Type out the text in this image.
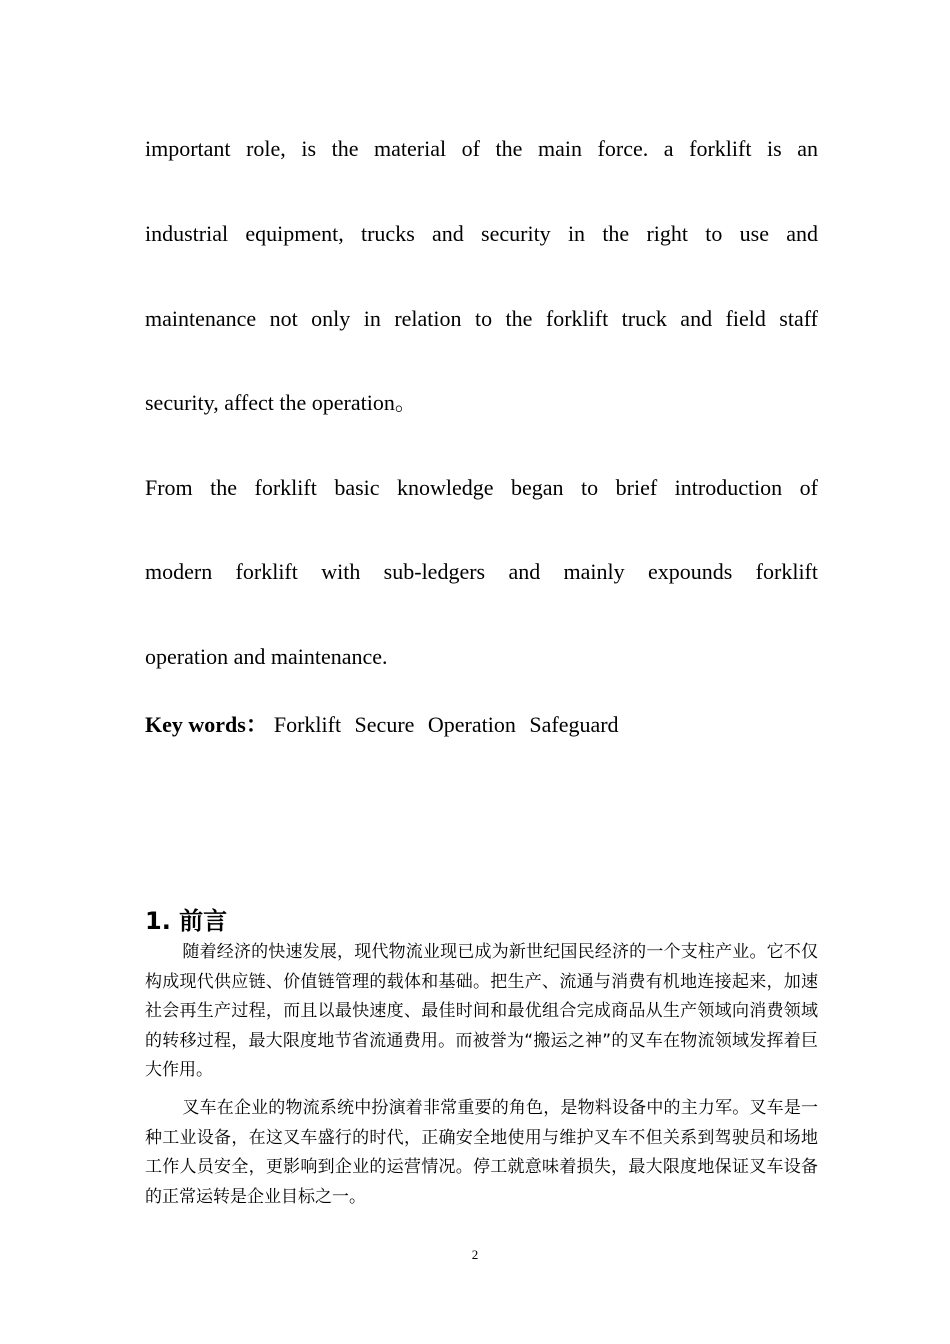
important role, is the material of the main force. a forklift is an
industrial equipment, trucks and security in the right to use and
maintenance not only in relation to the forklift truck and field staff
security, affect the operation。
From the forklift basic knowledge began to brief introduction of
modern forklift with sub-ledgers and mainly expounds forklift
operation and maintenance.
Key words： Forklift Secure Operation Safeguard
1. 前言
随着经济的快速发展，现代物流业现已成为新世纪国民经济的一个支柱产业。它不仅构成现代供应链、价值链管理的载体和基础。把生产、流通与消费有机地连接起来，加速社会再生产过程，而且以最快速度、最佳时间和最优组合完成商品从生产领域向消费领域的转移过程，最大限度地节省流通费用。而被誉为“搬运之神”的叉车在物流领域发挥着巨大作用。
叉车在企业的物流系统中扮演着非常重要的角色，是物料设备中的主力军。叉车是一种工业设备，在这叉车盛行的时代，正确安全地使用与维护叉车不但关系到驾驶员和场地工作人员安全，更影响到企业的运营情况。停工就意味着损失，最大限度地保证叉车设备的正常运转是企业目标之一。
2
